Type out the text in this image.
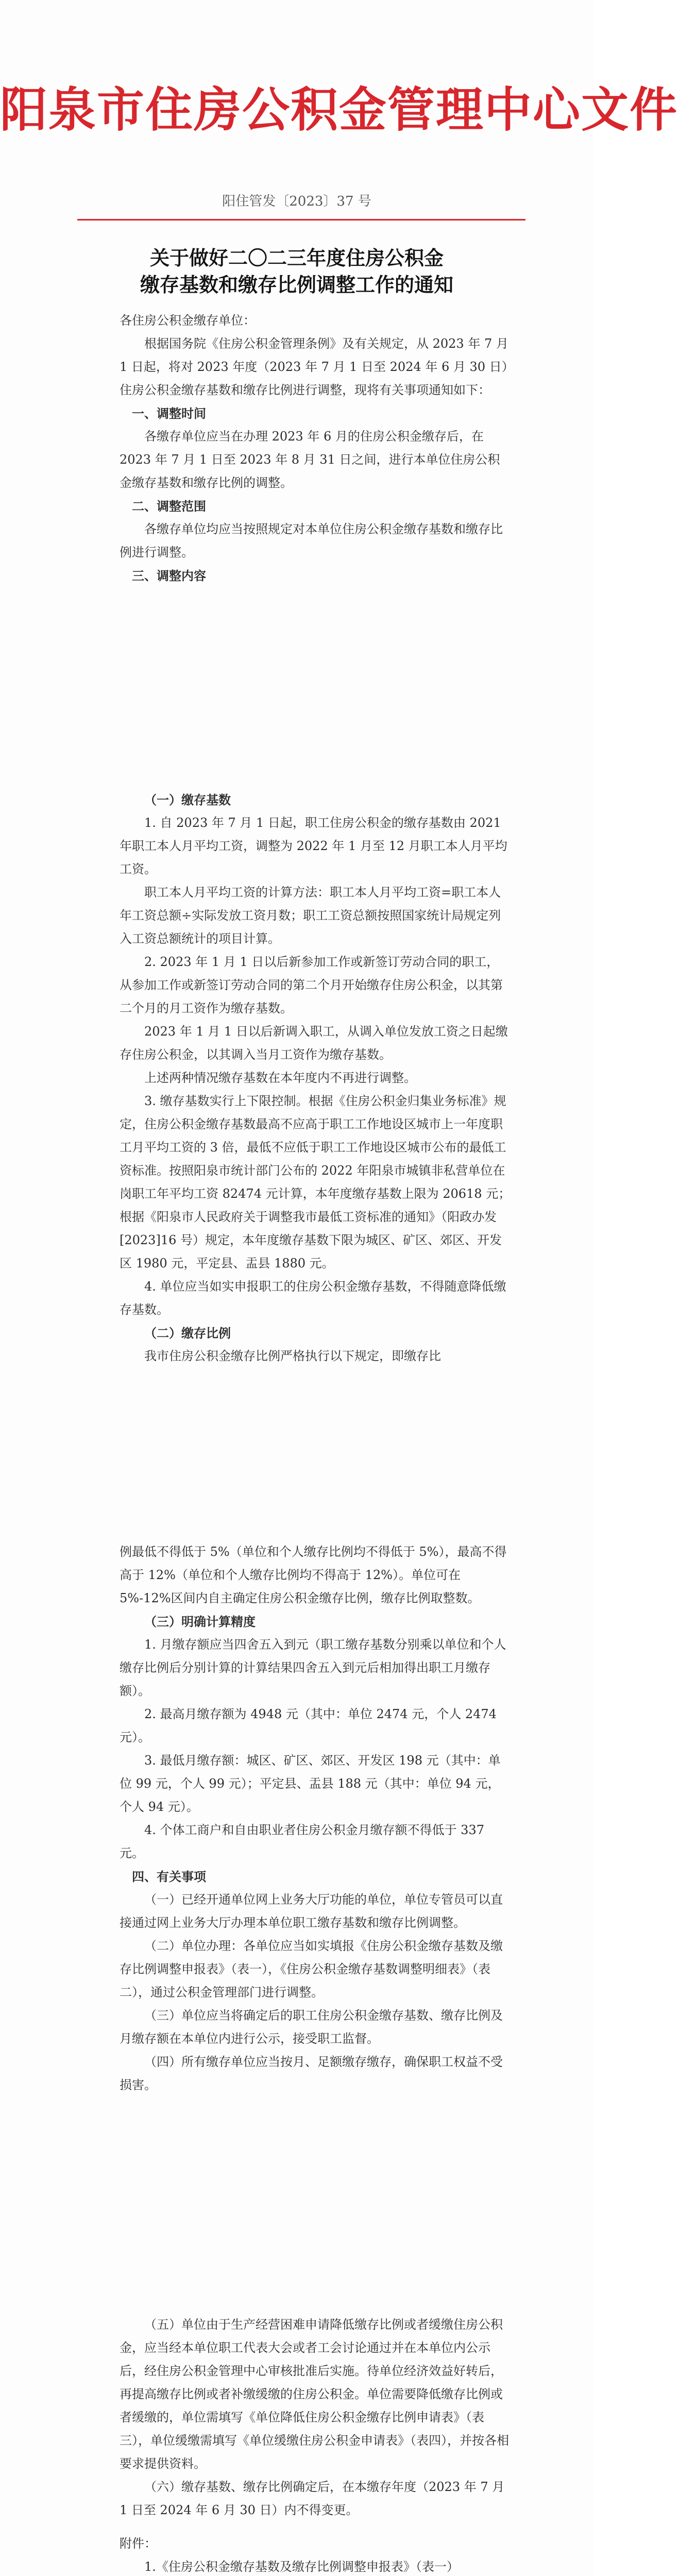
阳泉市住房公积金管理中心文件
阳住管发〔2023〕37 号
关于做好二〇二三年度住房公积金
缴存基数和缴存比例调整工作的通知

各住房公积金缴存单位：

根据国务院《住房公积金管理条例》及有关规定，从 2023 年 7 月 1 日起，将对 2023 年度（2023 年 7 月 1 日至 2024 年 6 月 30 日）住房公积金缴存基数和缴存比例进行调整，现将有关事项通知如下：

一、调整时间

各缴存单位应当在办理 2023 年 6 月的住房公积金缴存后，在 2023 年 7 月 1 日至 2023 年 8 月 31 日之间，进行本单位住房公积金缴存基数和缴存比例的调整。

二、调整范围

各缴存单位均应当按照规定对本单位住房公积金缴存基数和缴存比例进行调整。

三、调整内容

（一）缴存基数

1. 自 2023 年 7 月 1 日起，职工住房公积金的缴存基数由 2021 年职工本人月平均工资，调整为 2022 年 1 月至 12 月职工本人月平均工资。

职工本人月平均工资的计算方法：职工本人月平均工资=职工本人年工资总额÷实际发放工资月数；职工工资总额按照国家统计局规定列入工资总额统计的项目计算。

2. 2023 年 1 月 1 日以后新参加工作或新签订劳动合同的职工，从参加工作或新签订劳动合同的第二个月开始缴存住房公积金，以其第二个月的月工资作为缴存基数。

2023 年 1 月 1 日以后新调入职工，从调入单位发放工资之日起缴存住房公积金，以其调入当月工资作为缴存基数。

上述两种情况缴存基数在本年度内不再进行调整。

3. 缴存基数实行上下限控制。根据《住房公积金归集业务标准》规定，住房公积金缴存基数最高不应高于职工工作地设区城市上一年度职工月平均工资的 3 倍，最低不应低于职工工作地设区城市公布的最低工资标准。按照阳泉市统计部门公布的 2022 年阳泉市城镇非私营单位在岗职工年平均工资 82474 元计算，本年度缴存基数上限为 20618 元；根据《阳泉市人民政府关于调整我市最低工资标准的通知》（阳政办发[2023]16 号）规定，本年度缴存基数下限为城区、矿区、郊区、开发区 1980 元，平定县、盂县 1880 元。

4. 单位应当如实申报职工的住房公积金缴存基数，不得随意降低缴存基数。

（二）缴存比例

我市住房公积金缴存比例严格执行以下规定，即缴存比

例最低不得低于 5%（单位和个人缴存比例均不得低于 5%），最高不得高于 12%（单位和个人缴存比例均不得高于 12%）。单位可在 5%-12%区间内自主确定住房公积金缴存比例，缴存比例取整数。

（三）明确计算精度

1. 月缴存额应当四舍五入到元（职工缴存基数分别乘以单位和个人缴存比例后分别计算的计算结果四舍五入到元后相加得出职工月缴存额）。

2. 最高月缴存额为 4948 元（其中：单位 2474 元，个人 2474 元）。

3. 最低月缴存额：城区、矿区、郊区、开发区 198 元（其中：单位 99 元，个人 99 元）；平定县、盂县 188 元（其中：单位 94 元，个人 94 元）。

4. 个体工商户和自由职业者住房公积金月缴存额不得低于 337 元。

四、有关事项

（一）已经开通单位网上业务大厅功能的单位，单位专管员可以直接通过网上业务大厅办理本单位职工缴存基数和缴存比例调整。

（二）单位办理：各单位应当如实填报《住房公积金缴存基数及缴存比例调整申报表》（表一），《住房公积金缴存基数调整明细表》（表二），通过公积金管理部门进行调整。

（三）单位应当将确定后的职工住房公积金缴存基数、缴存比例及月缴存额在本单位内进行公示，接受职工监督。

（四）所有缴存单位应当按月、足额缴存缴存，确保职工权益不受损害。

（五）单位由于生产经营困难申请降低缴存比例或者缓缴住房公积金，应当经本单位职工代表大会或者工会讨论通过并在本单位内公示后，经住房公积金管理中心审核批准后实施。待单位经济效益好转后，再提高缴存比例或者补缴缓缴的住房公积金。单位需要降低缴存比例或者缓缴的，单位需填写《单位降低住房公积金缴存比例申请表》（表三），单位缓缴需填写《单位缓缴住房公积金申请表》（表四），并按各相要求提供资料。

（六）缴存基数、缴存比例确定后，在本缴存年度（2023 年 7 月 1 日至 2024 年 6 月 30 日）内不得变更。

附件：

1.《住房公积金缴存基数及缴存比例调整申报表》（表一）
